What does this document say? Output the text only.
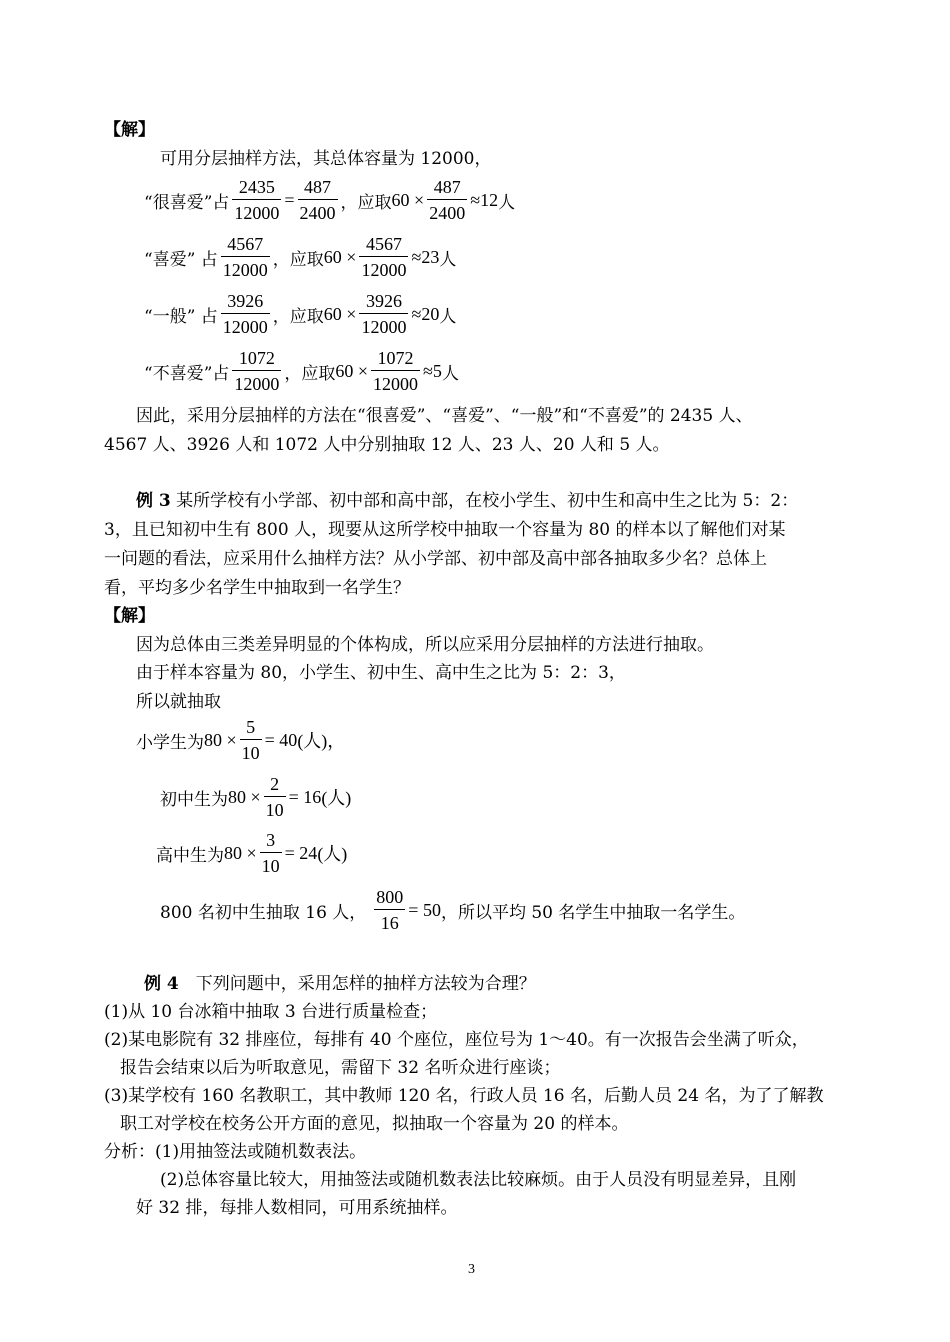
【解】
可用分层抽样方法，其总体容量为 12000，
“很喜爱”占 $\frac{2435}{12000} = \frac{487}{2400}$ ，应取 $60 \times \frac{487}{2400} \approx 12$ 人
“喜爱” 占 $\frac{4567}{12000}$ ，应取 $60 \times \frac{4567}{12000} \approx 23$ 人
“一般” 占 $\frac{3926}{12000}$ ，应取 $60 \times \frac{3926}{12000} \approx 20$ 人
“不喜爱”占 $\frac{1072}{12000}$ ，应取 $60 \times \frac{1072}{12000} \approx 5$ 人
因此，采用分层抽样的方法在“很喜爱”、“喜爱”、“一般”和“不喜爱”的 2435 人、
4567 人、3926 人和 1072 人中分别抽取 12 人、23 人、20 人和 5 人。
例 3 某所学校有小学部、初中部和高中部，在校小学生、初中生和高中生之比为 5：2：
3，且已知初中生有 800 人，现要从这所学校中抽取一个容量为 80 的样本以了解他们对某
一问题的看法，应采用什么抽样方法？从小学部、初中部及高中部各抽取多少名？总体上
看，平均多少名学生中抽取到一名学生？
【解】
因为总体由三类差异明显的个体构成，所以应采用分层抽样的方法进行抽取。
由于样本容量为 80，小学生、初中生、高中生之比为 5：2：3，
所以就抽取
小学生为 $80 \times \frac{5}{10} = 40$ (人)，
初中生为 $80 \times \frac{2}{10} = 16$ (人)
高中生为 $80 \times \frac{3}{10} = 24$ (人)
800 名初中生抽取 16 人， $\frac{800}{16} = 50$ ，所以平均 50 名学生中抽取一名学生。
例 4　下列问题中，采用怎样的抽样方法较为合理？
(1)从 10 台冰箱中抽取 3 台进行质量检查；
(2)某电影院有 32 排座位，每排有 40 个座位，座位号为 1～40。有一次报告会坐满了听众，
报告会结束以后为听取意见，需留下 32 名听众进行座谈；
(3)某学校有 160 名教职工，其中教师 120 名，行政人员 16 名，后勤人员 24 名，为了了解教
职工对学校在校务公开方面的意见，拟抽取一个容量为 20 的样本。
分析：(1)用抽签法或随机数表法。
(2)总体容量比较大，用抽签法或随机数表法比较麻烦。由于人员没有明显差异，且刚
好 32 排，每排人数相同，可用系统抽样。
3
